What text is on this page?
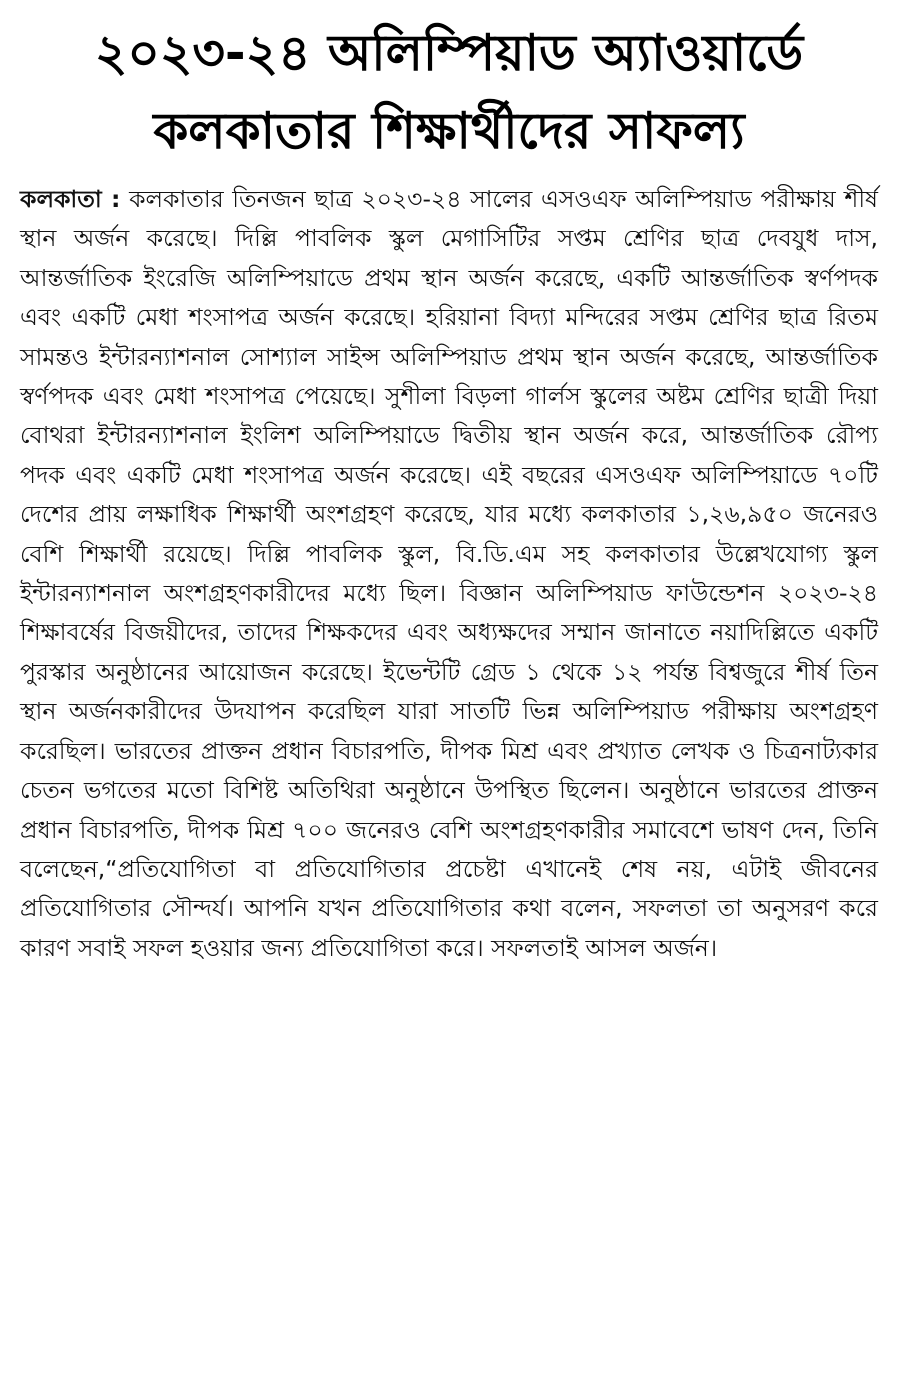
২০২৩-২৪ অলিম্পিয়াড অ্যাওয়ার্ডে
কলকাতার শিক্ষার্থীদের সাফল্য

কলকাতা : কলকাতার তিনজন ছাত্র ২০২৩-২৪ সালের এসওএফ অলিম্পিয়াড পরীক্ষায় শীর্ষ স্থান অর্জন করেছে। দিল্লি পাবলিক স্কুল মেগাসিটির সপ্তম শ্রেণির ছাত্র দেবযুধ দাস, আন্তর্জাতিক ইংরেজি অলিম্পিয়াডে প্রথম স্থান অর্জন করেছে, একটি আন্তর্জাতিক স্বর্ণপদক এবং একটি মেধা শংসাপত্র অর্জন করেছে। হরিয়ানা বিদ্যা মন্দিরের সপ্তম শ্রেণির ছাত্র রিতম সামন্তও ইন্টারন্যাশনাল সোশ্যাল সাইন্স অলিম্পিয়াড প্রথম স্থান অর্জন করেছে, আন্তর্জাতিক স্বর্ণপদক এবং মেধা শংসাপত্র পেয়েছে। সুশীলা বিড়লা গার্লস স্কুলের অষ্টম শ্রেণির ছাত্রী দিয়া বোথরা ইন্টারন্যাশনাল ইংলিশ অলিম্পিয়াডে দ্বিতীয় স্থান অর্জন করে, আন্তর্জাতিক রৌপ্য পদক এবং একটি মেধা শংসাপত্র অর্জন করেছে। এই বছরের এসওএফ অলিম্পিয়াডে ৭০টি দেশের প্রায় লক্ষাধিক শিক্ষার্থী অংশগ্রহণ করেছে, যার মধ্যে কলকাতার ১,২৬,৯৫০ জনেরও বেশি শিক্ষার্থী রয়েছে। দিল্লি পাবলিক স্কুল, বি.ডি.এম সহ কলকাতার উল্লেখযোগ্য স্কুল ইন্টারন্যাশনাল অংশগ্রহণকারীদের মধ্যে ছিল। বিজ্ঞান অলিম্পিয়াড ফাউন্ডেশন ২০২৩-২৪ শিক্ষাবর্ষের বিজয়ীদের, তাদের শিক্ষকদের এবং অধ্যক্ষদের সম্মান জানাতে নয়াদিল্লিতে একটি পুরস্কার অনুষ্ঠানের আয়োজন করেছে। ইভেন্টটি গ্রেড ১ থেকে ১২ পর্যন্ত বিশ্বজুরে শীর্ষ তিন স্থান অর্জনকারীদের উদযাপন করেছিল যারা সাতটি ভিন্ন অলিম্পিয়াড পরীক্ষায় অংশগ্রহণ করেছিল। ভারতের প্রাক্তন প্রধান বিচারপতি, দীপক মিশ্র এবং প্রখ্যাত লেখক ও চিত্রনাট্যকার চেতন ভগতের মতো বিশিষ্ট অতিথিরা অনুষ্ঠানে উপস্থিত ছিলেন। অনুষ্ঠানে ভারতের প্রাক্তন প্রধান বিচারপতি, দীপক মিশ্র ৭০০ জনেরও বেশি অংশগ্রহণকারীর সমাবেশে ভাষণ দেন, তিনি বলেছেন,“প্রতিযোগিতা বা প্রতিযোগিতার প্রচেষ্টা এখানেই শেষ নয়, এটাই জীবনের প্রতিযোগিতার সৌন্দর্য। আপনি যখন প্রতিযোগিতার কথা বলেন, সফলতা তা অনুসরণ করে কারণ সবাই সফল হওয়ার জন্য প্রতিযোগিতা করে। সফলতাই আসল অর্জন।
